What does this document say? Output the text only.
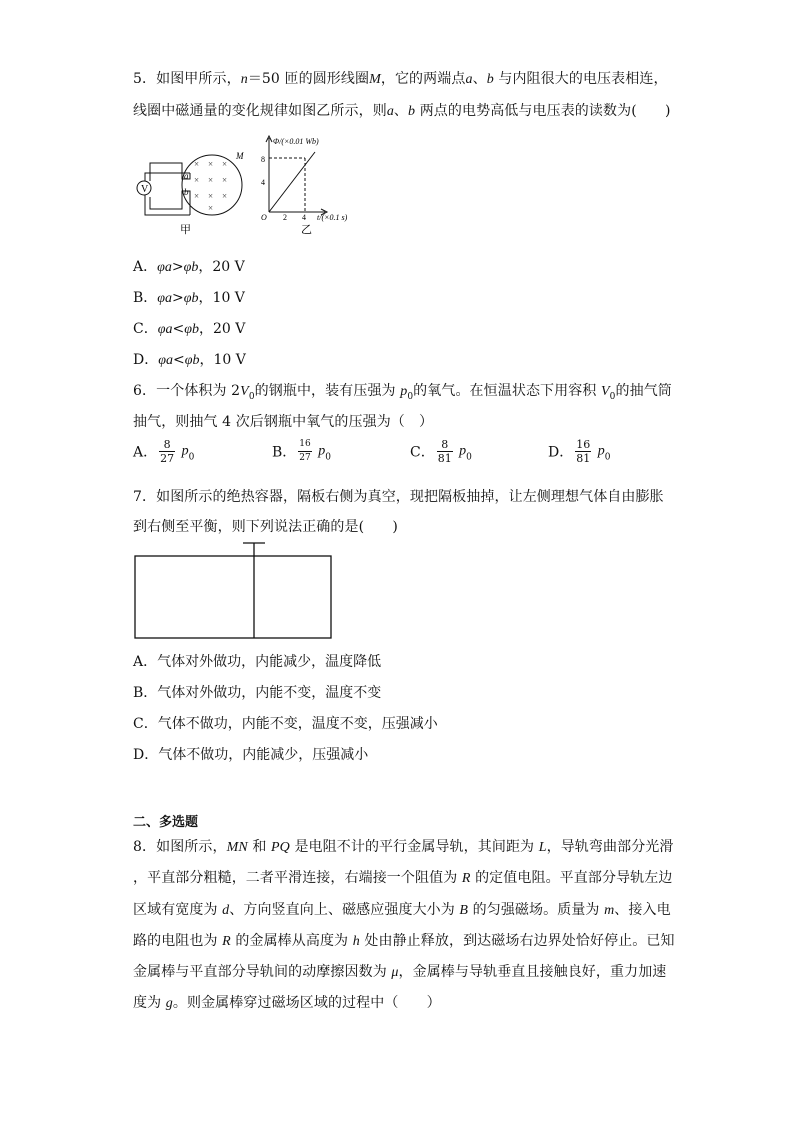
5．如图甲所示，n＝50 匝的圆形线圈M，它的两端点a、b 与内阻很大的电压表相连，
线圈中磁通量的变化规律如图乙所示，则a、b 两点的电势高低与电压表的读数为(　　)
V
a
b
M
× × ×
× × ×
× × ×
×
甲
Φ/(×0.01 Wb)
8
4
O 2 4 t/(×0.1 s)
乙
A．φa>φb，20 V
B．φa>φb，10 V
C．φa<φb，20 V
D．φa<φb，10 V
6．一个体积为 $2V_0$的钢瓶中，装有压强为 $p_0$的氧气。在恒温状态下用容积 $V_0$的抽气筒
抽气，则抽气 4 次后钢瓶中氧气的压强为（　）
A． $\frac{8}{27} p_0$	B． $\frac{16}{27} p_0$	C． $\frac{8}{81} p_0$	D． $\frac{16}{81} p_0$
7．如图所示的绝热容器，隔板右侧为真空，现把隔板抽掉，让左侧理想气体自由膨胀
到右侧至平衡，则下列说法正确的是(　　)
A．气体对外做功，内能减少，温度降低
B．气体对外做功，内能不变，温度不变
C．气体不做功，内能不变，温度不变，压强减小
D．气体不做功，内能减少，压强减小
二、多选题
8．如图所示，MN 和 PQ 是电阻不计的平行金属导轨，其间距为 L，导轨弯曲部分光滑
，平直部分粗糙，二者平滑连接，右端接一个阻值为 R 的定值电阻。平直部分导轨左边
区域有宽度为 d、方向竖直向上、磁感应强度大小为 B 的匀强磁场。质量为 m、接入电
路的电阻也为 R 的金属棒从高度为 h 处由静止释放，到达磁场右边界处恰好停止。已知
金属棒与平直部分导轨间的动摩擦因数为 μ，金属棒与导轨垂直且接触良好，重力加速
度为 g。则金属棒穿过磁场区域的过程中（　　）
